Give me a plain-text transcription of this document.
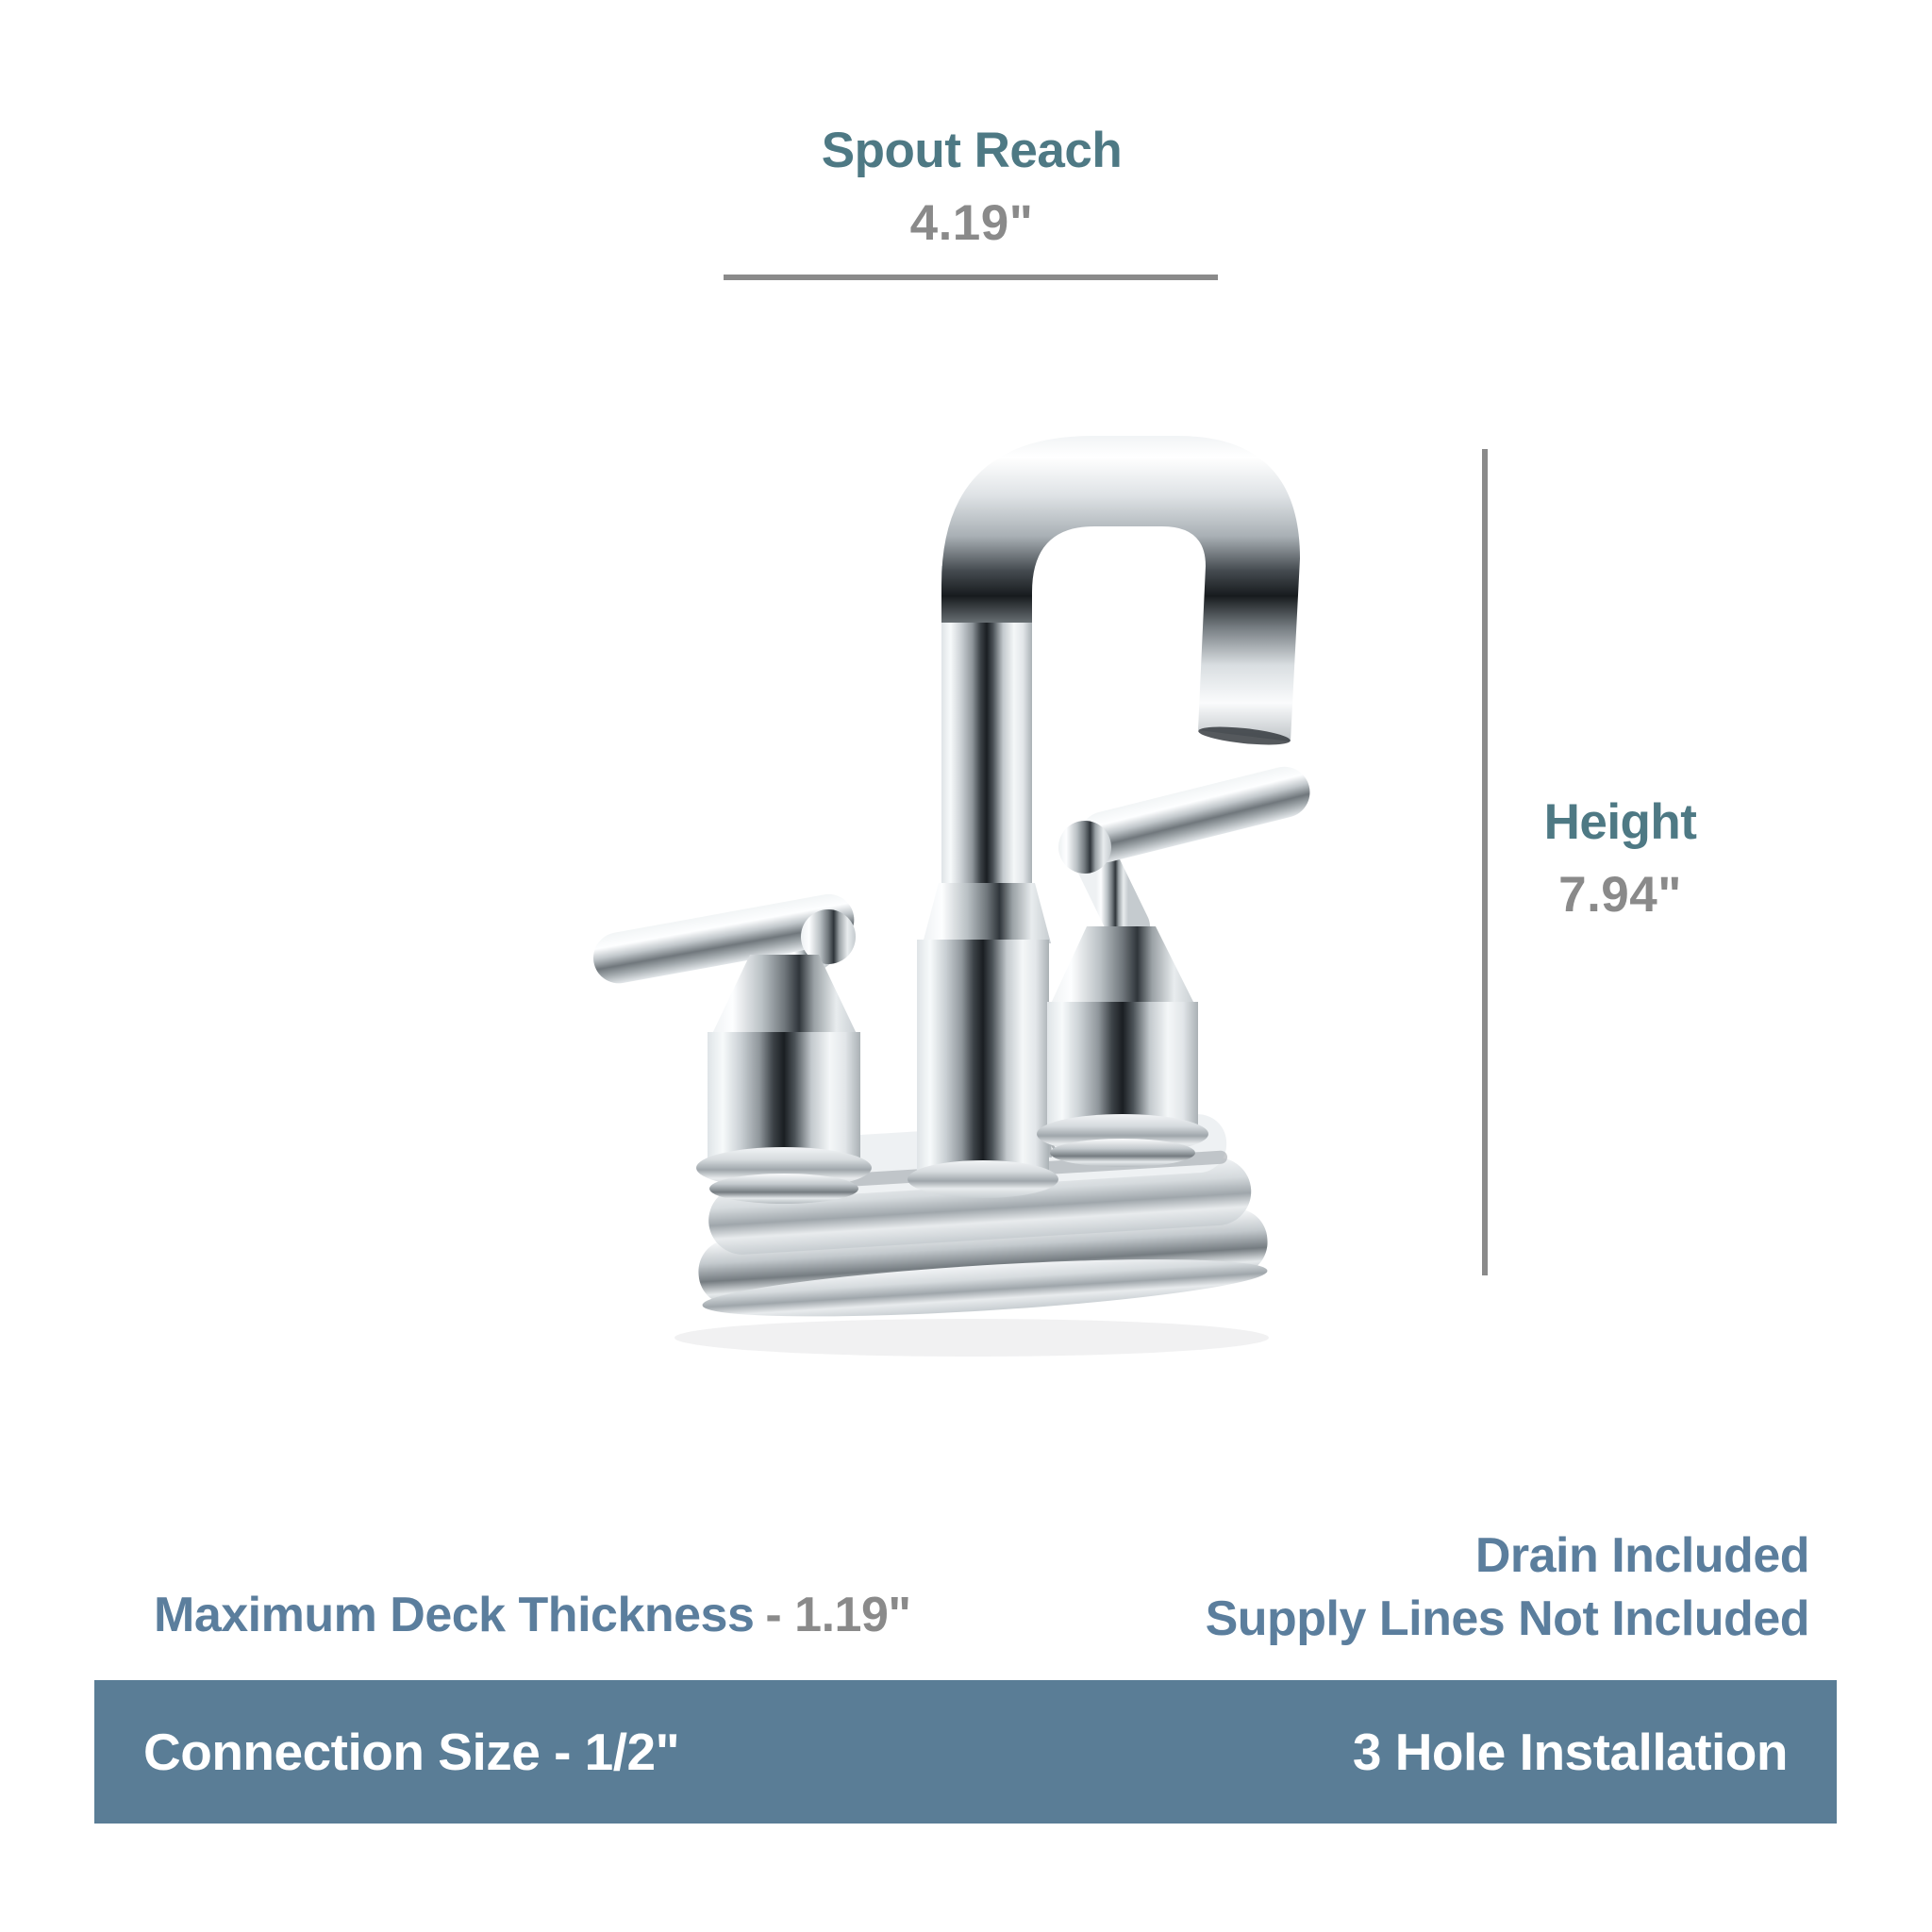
Spout Reach
4.19"
Height
7.94"
Maximum Deck Thickness - 1.19"
Drain Included
Supply Lines Not Included
Connection Size - 1/2"	3 Hole Installation
